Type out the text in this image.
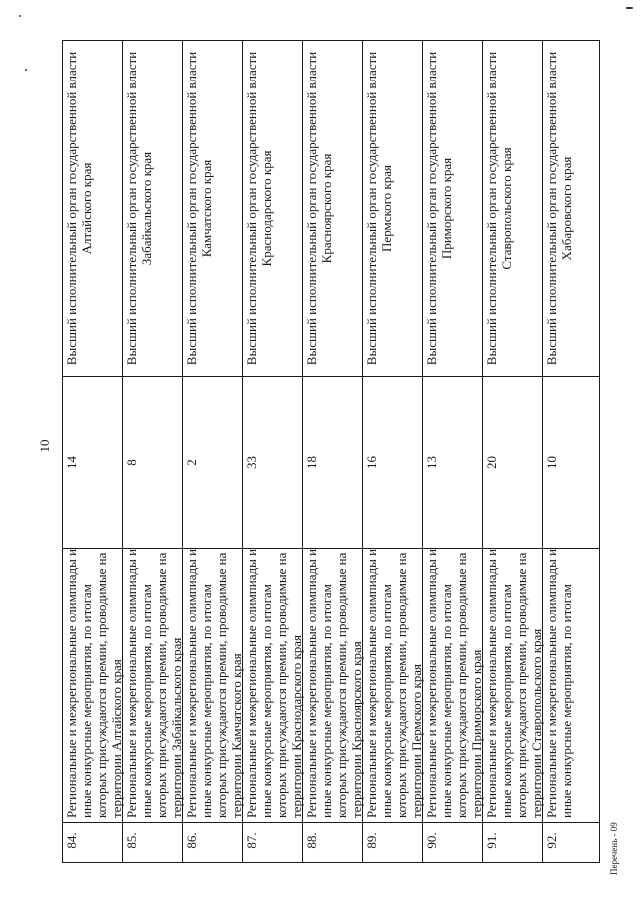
10
84.
Региональные и межрегиональные олимпиады и иные конкурсные мероприятия, по итогам которых присуждаются премии, проводимые на территории Алтайского края
14
Высший исполнительный орган государственной власти Алтайского края
85.
Региональные и межрегиональные олимпиады и иные конкурсные мероприятия, по итогам которых присуждаются премии, проводимые на территории Забайкальского края
8
Высший исполнительный орган государственной власти Забайкальского края
86.
Региональные и межрегиональные олимпиады и иные конкурсные мероприятия, по итогам которых присуждаются премии, проводимые на территории Камчатского края
2
Высший исполнительный орган государственной власти Камчатского края
87.
Региональные и межрегиональные олимпиады и иные конкурсные мероприятия, по итогам которых присуждаются премии, проводимые на территории Краснодарского края
33
Высший исполнительный орган государственной власти Краснодарского края
88.
Региональные и межрегиональные олимпиады и иные конкурсные мероприятия, по итогам которых присуждаются премии, проводимые на территории Красноярского края
18
Высший исполнительный орган государственной власти Красноярского края
89.
Региональные и межрегиональные олимпиады и иные конкурсные мероприятия, по итогам которых присуждаются премии, проводимые на территории Пермского края
16
Высший исполнительный орган государственной власти Пермского края
90.
Региональные и межрегиональные олимпиады и иные конкурсные мероприятия, по итогам которых присуждаются премии, проводимые на территории Приморского края
13
Высший исполнительный орган государственной власти Приморского края
91.
Региональные и межрегиональные олимпиады и иные конкурсные мероприятия, по итогам которых присуждаются премии, проводимые на территории Ставропольского края
20
Высший исполнительный орган государственной власти Ставропольского края
92.
Региональные и межрегиональные олимпиады и иные конкурсные мероприятия, по итогам
10
Высший исполнительный орган государственной власти Хабаровского края
Перечень - 09
